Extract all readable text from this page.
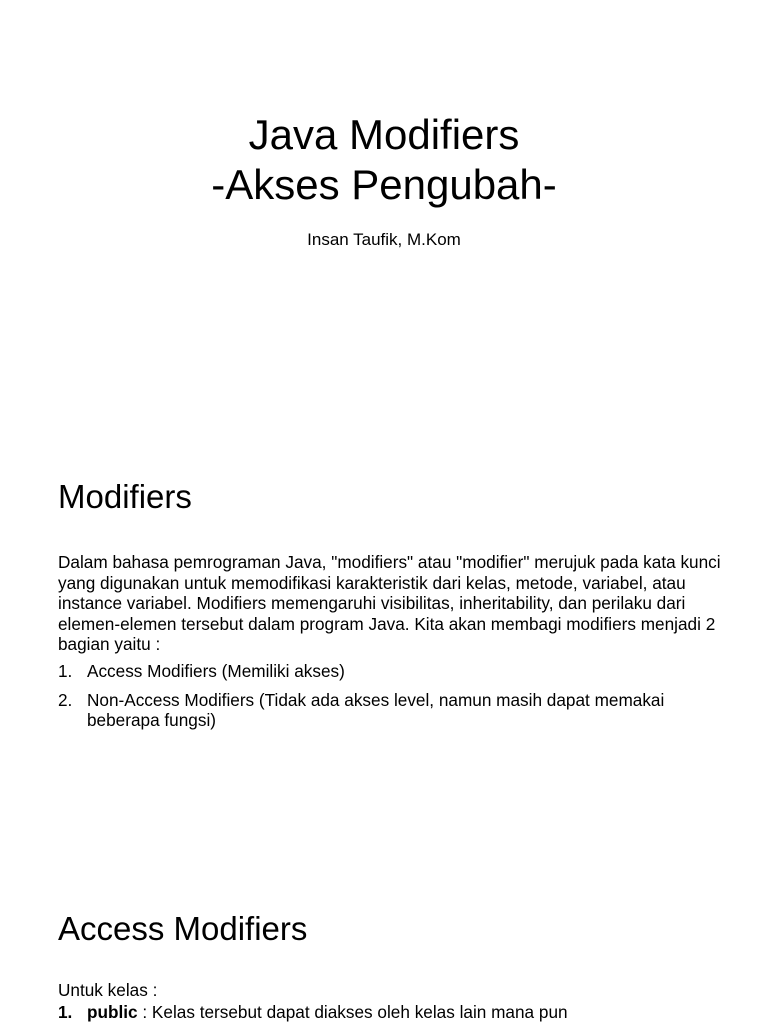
Java Modifiers
-Akses Pengubah-
Insan Taufik, M.Kom
Modifiers
Dalam bahasa pemrograman Java, "modifiers" atau "modifier" merujuk pada kata kunci yang digunakan untuk memodifikasi karakteristik dari kelas, metode, variabel, atau instance variabel. Modifiers memengaruhi visibilitas, inheritability, dan perilaku dari elemen-elemen tersebut dalam program Java. Kita akan membagi modifiers menjadi 2 bagian yaitu :
1. Access Modifiers (Memiliki akses)
2. Non-Access Modifiers (Tidak ada akses level, namun masih dapat memakai beberapa fungsi)
Access Modifiers
Untuk kelas :
1. public : Kelas tersebut dapat diakses oleh kelas lain mana pun
